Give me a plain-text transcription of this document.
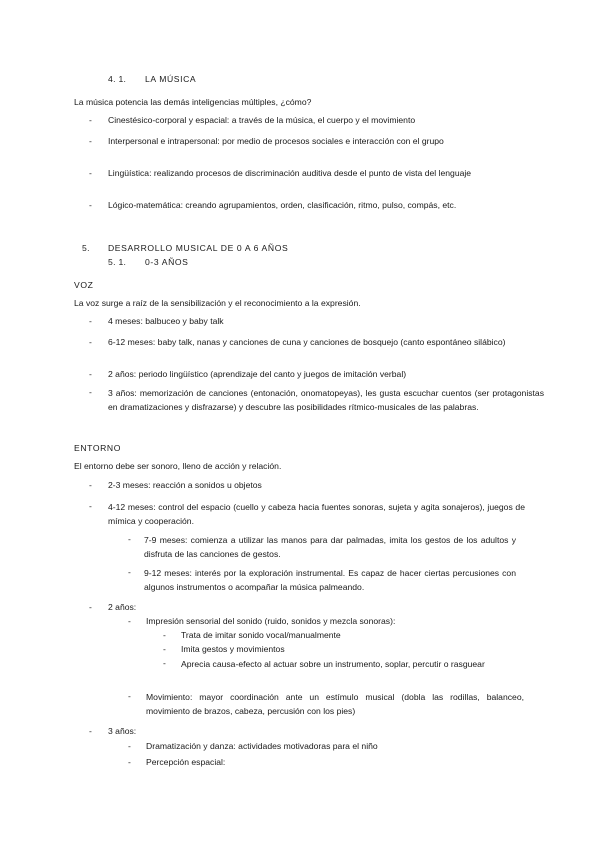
4. 1. LA MÚSICA
La música potencia las demás inteligencias múltiples, ¿cómo?
- Cinestésico-corporal y espacial: a través de la música, el cuerpo y el movimiento
- Interpersonal e intrapersonal: por medio de procesos sociales e interacción con el grupo
- Lingüística: realizando procesos de discriminación auditiva desde el punto de vista del lenguaje
- Lógico-matemática: creando agrupamientos, orden, clasificación, ritmo, pulso, compás, etc.
5. DESARROLLO MUSICAL DE 0 A 6 AÑOS
5. 1. 0-3 AÑOS
VOZ
La voz surge a raíz de la sensibilización y el reconocimiento a la expresión.
- 4 meses: balbuceo y baby talk
- 6-12 meses: baby talk, nanas y canciones de cuna y canciones de bosquejo (canto espontáneo silábico)
- 2 años: periodo lingüístico (aprendizaje del canto y juegos de imitación verbal)
- 3 años: memorización de canciones (entonación, onomatopeyas), les gusta escuchar cuentos (ser protagonistas en dramatizaciones y disfrazarse) y descubre las posibilidades rítmico-musicales de las palabras.
ENTORNO
El entorno debe ser sonoro, lleno de acción y relación.
- 2-3 meses: reacción a sonidos u objetos
- 4-12 meses: control del espacio (cuello y cabeza hacia fuentes sonoras, sujeta y agita sonajeros), juegos de mímica y cooperación.
- 7-9 meses: comienza a utilizar las manos para dar palmadas, imita los gestos de los adultos y disfruta de las canciones de gestos.
- 9-12 meses: interés por la exploración instrumental. Es capaz de hacer ciertas percusiones con algunos instrumentos o acompañar la música palmeando.
- 2 años:
- Impresión sensorial del sonido (ruido, sonidos y mezcla sonoras):
- Trata de imitar sonido vocal/manualmente
- Imita gestos y movimientos
- Aprecia causa-efecto al actuar sobre un instrumento, soplar, percutir o rasguear
- Movimiento: mayor coordinación ante un estímulo musical (dobla las rodillas, balanceo, movimiento de brazos, cabeza, percusión con los pies)
- 3 años:
- Dramatización y danza: actividades motivadoras para el niño
- Percepción espacial:
